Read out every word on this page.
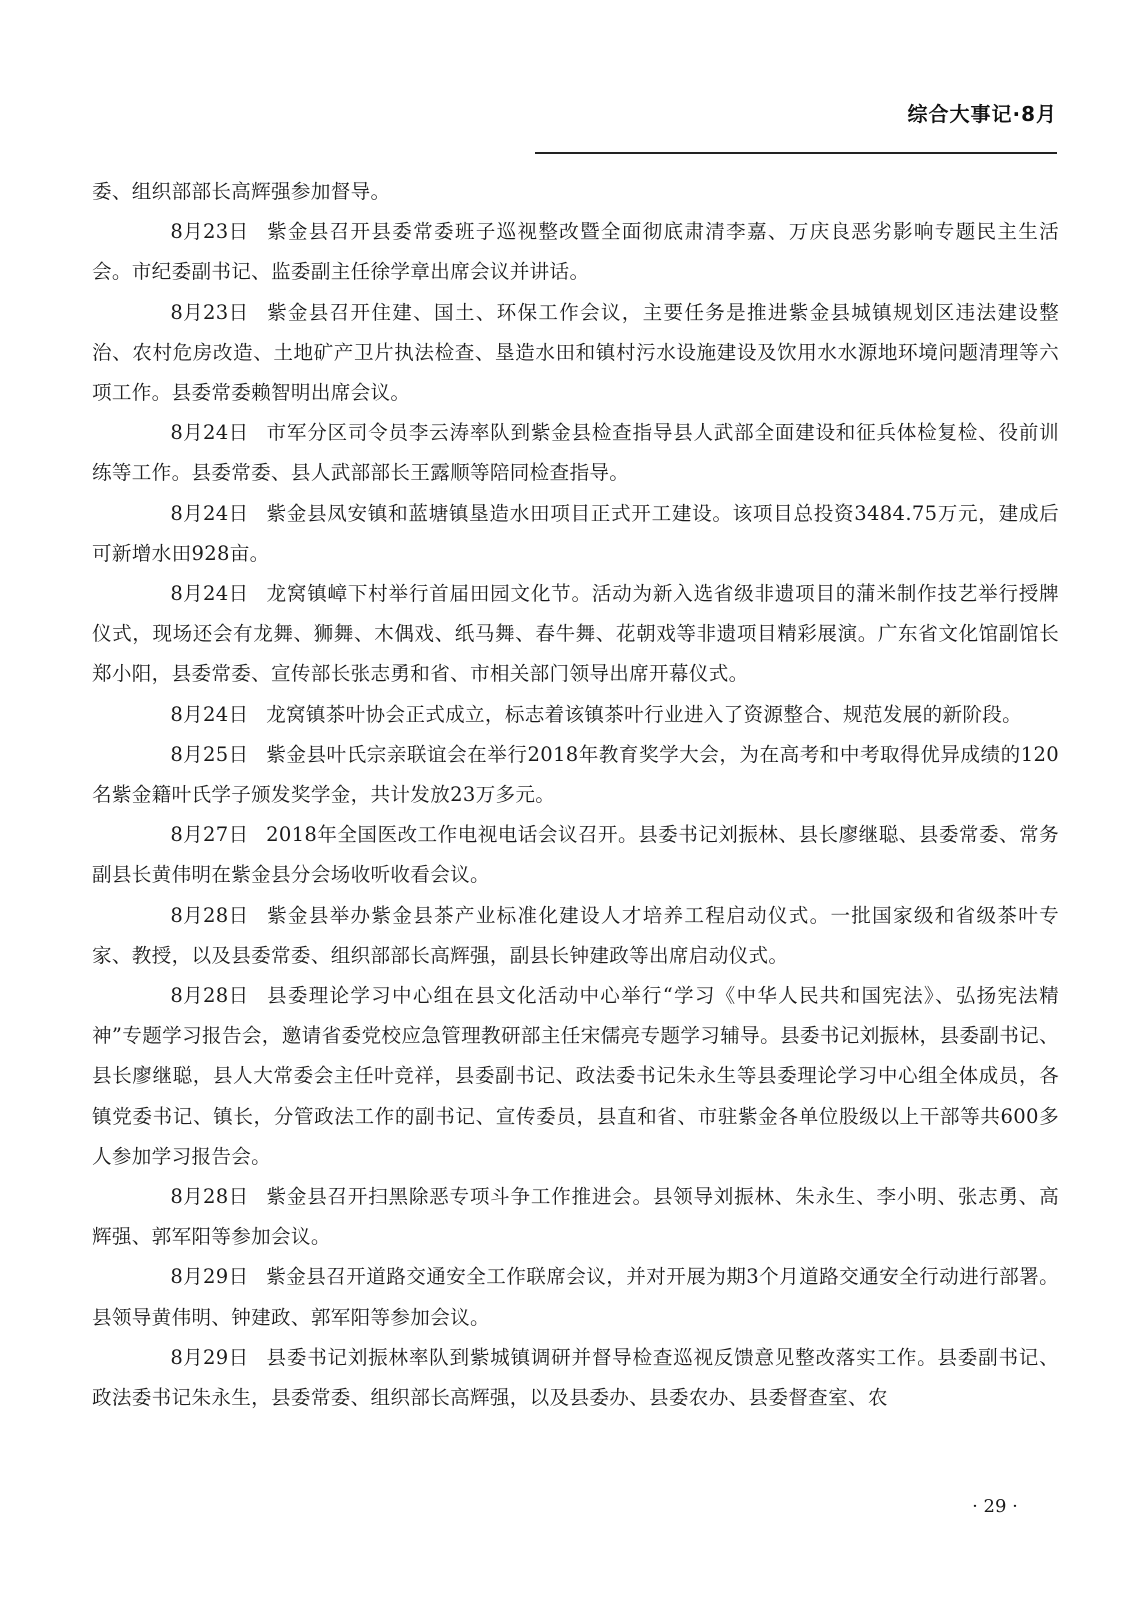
综合大事记·8月

委、组织部部长高辉强参加督导。

8月23日 紫金县召开县委常委班子巡视整改暨全面彻底肃清李嘉、万庆良恶劣影响专题民主生活会。市纪委副书记、监委副主任徐学章出席会议并讲话。

8月23日 紫金县召开住建、国土、环保工作会议，主要任务是推进紫金县城镇规划区违法建设整治、农村危房改造、土地矿产卫片执法检查、垦造水田和镇村污水设施建设及饮用水水源地环境问题清理等六项工作。县委常委赖智明出席会议。

8月24日 市军分区司令员李云涛率队到紫金县检查指导县人武部全面建设和征兵体检复检、役前训练等工作。县委常委、县人武部部长王露顺等陪同检查指导。

8月24日 紫金县凤安镇和蓝塘镇垦造水田项目正式开工建设。该项目总投资3484.75万元，建成后可新增水田928亩。

8月24日 龙窝镇嶂下村举行首届田园文化节。活动为新入选省级非遗项目的蒲米制作技艺举行授牌仪式，现场还会有龙舞、狮舞、木偶戏、纸马舞、春牛舞、花朝戏等非遗项目精彩展演。广东省文化馆副馆长郑小阳，县委常委、宣传部长张志勇和省、市相关部门领导出席开幕仪式。

8月24日 龙窝镇茶叶协会正式成立，标志着该镇茶叶行业进入了资源整合、规范发展的新阶段。

8月25日 紫金县叶氏宗亲联谊会在举行2018年教育奖学大会，为在高考和中考取得优异成绩的120名紫金籍叶氏学子颁发奖学金，共计发放23万多元。

8月27日 2018年全国医改工作电视电话会议召开。县委书记刘振林、县长廖继聪、县委常委、常务副县长黄伟明在紫金县分会场收听收看会议。

8月28日 紫金县举办紫金县茶产业标准化建设人才培养工程启动仪式。一批国家级和省级茶叶专家、教授，以及县委常委、组织部部长高辉强，副县长钟建政等出席启动仪式。

8月28日 县委理论学习中心组在县文化活动中心举行“学习《中华人民共和国宪法》、弘扬宪法精神”专题学习报告会，邀请省委党校应急管理教研部主任宋儒亮专题学习辅导。县委书记刘振林，县委副书记、县长廖继聪，县人大常委会主任叶竞祥，县委副书记、政法委书记朱永生等县委理论学习中心组全体成员，各镇党委书记、镇长，分管政法工作的副书记、宣传委员，县直和省、市驻紫金各单位股级以上干部等共600多人参加学习报告会。

8月28日 紫金县召开扫黑除恶专项斗争工作推进会。县领导刘振林、朱永生、李小明、张志勇、高辉强、郭军阳等参加会议。

8月29日 紫金县召开道路交通安全工作联席会议，并对开展为期3个月道路交通安全行动进行部署。县领导黄伟明、钟建政、郭军阳等参加会议。

8月29日 县委书记刘振林率队到紫城镇调研并督导检查巡视反馈意见整改落实工作。县委副书记、政法委书记朱永生，县委常委、组织部长高辉强，以及县委办、县委农办、县委督查室、农

· 29 ·
